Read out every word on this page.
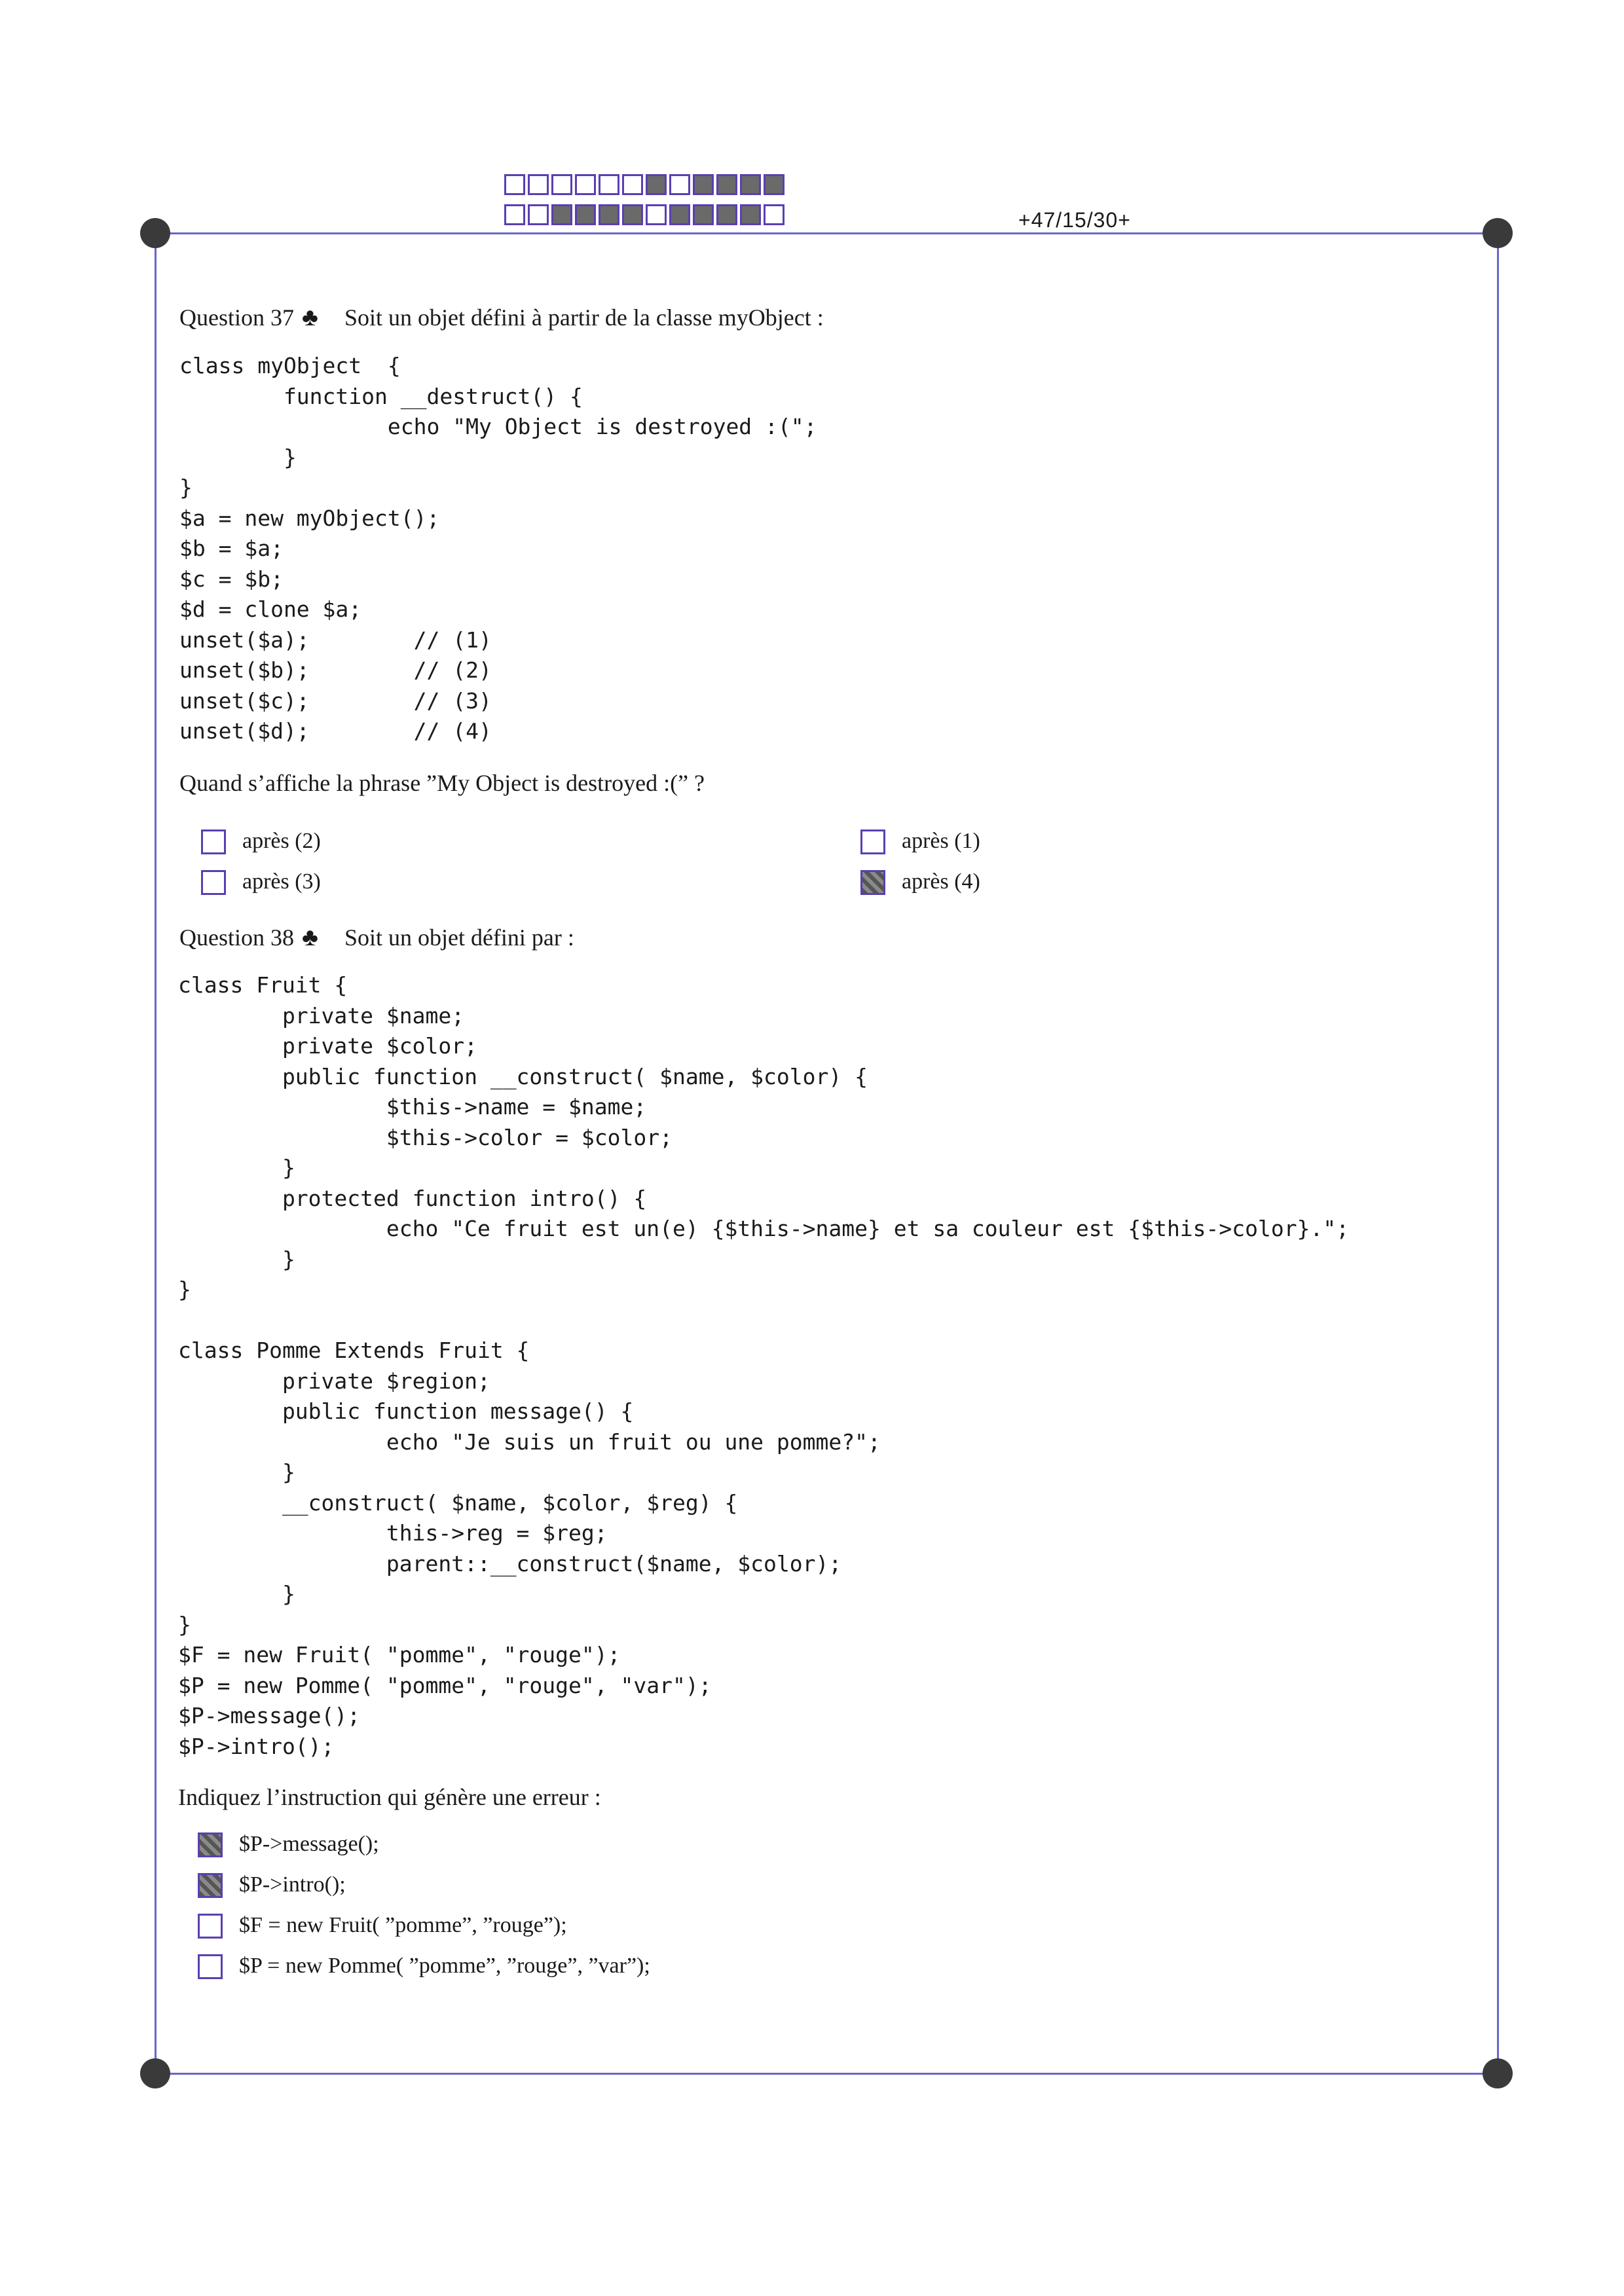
+47/15/30+
Question 37 ♣ Soit un objet défini à partir de la classe myObject :
class myObject  {
function __destruct() {
echo "My Object is destroyed :(";
}
}
$a = new myObject();
$b = $a;
$c = $b;
$d = clone $a;
unset($a);        // (1)
unset($b);        // (2)
unset($c);        // (3)
unset($d);        // (4)
Quand s’affiche la phrase ”My Object is destroyed :(” ?
après (2)	après (1)
après (3)	après (4)
Question 38 ♣ Soit un objet défini par :
class Fruit {
private $name;
private $color;
public function __construct( $name, $color) {
$this->name = $name;
$this->color = $color;
}
protected function intro() {
echo "Ce fruit est un(e) {$this->name} et sa couleur est {$this->color}.";
}
}

class Pomme Extends Fruit {
private $region;
public function message() {
echo "Je suis un fruit ou une pomme?";
}
__construct( $name, $color, $reg) {
this->reg = $reg;
parent::__construct($name, $color);
}
}
$F = new Fruit( "pomme", "rouge");
$P = new Pomme( "pomme", "rouge", "var");
$P->message();
$P->intro();
Indiquez l’instruction qui génère une erreur :
$P->message();
$P->intro();
$F = new Fruit( ”pomme”, ”rouge”);
$P = new Pomme( ”pomme”, ”rouge”, ”var”);
